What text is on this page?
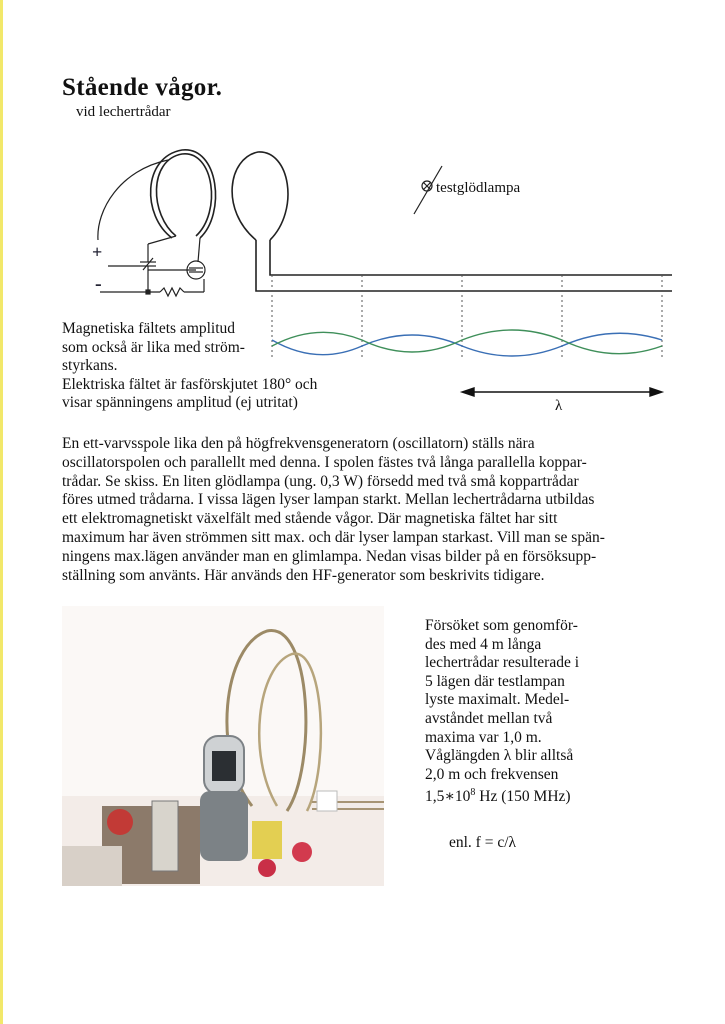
Stående vågor.
vid lechertrådar
+
-
testglödlampa
λ
Magnetiska fältets amplitud
som också är lika med ström-
styrkans.
Elektriska fältet är fasförskjutet 180° och
visar spänningens amplitud (ej utritat)
En ett-varvsspole lika den på högfrekvensgeneratorn (oscillatorn) ställs nära
oscillatorspolen och parallellt med denna. I spolen fästes två långa parallella koppar-
trådar. Se skiss. En liten glödlampa (ung. 0,3 W) försedd med två små koppartrådar
föres utmed trådarna. I vissa lägen lyser lampan starkt. Mellan lechertrådarna utbildas
ett elektromagnetiskt växelfält med stående vågor. Där magnetiska fältet har sitt
maximum har även strömmen sitt max. och där lyser lampan starkast. Vill man se spän-
ningens max.lägen använder man en glimlampa. Nedan visas bilder på en försöksupp-
ställning som använts. Här används den HF-generator som beskrivits tidigare.
Försöket som genomför-
des med 4 m långa
lechertrådar resulterade i
5 lägen där testlampan
lyste maximalt. Medel-
avståndet mellan två
maxima var 1,0 m.
Våglängden λ blir alltså
2,0 m och frekvensen
$1,5∗10^8$ Hz (150 MHz)
enl. f = c/λ
